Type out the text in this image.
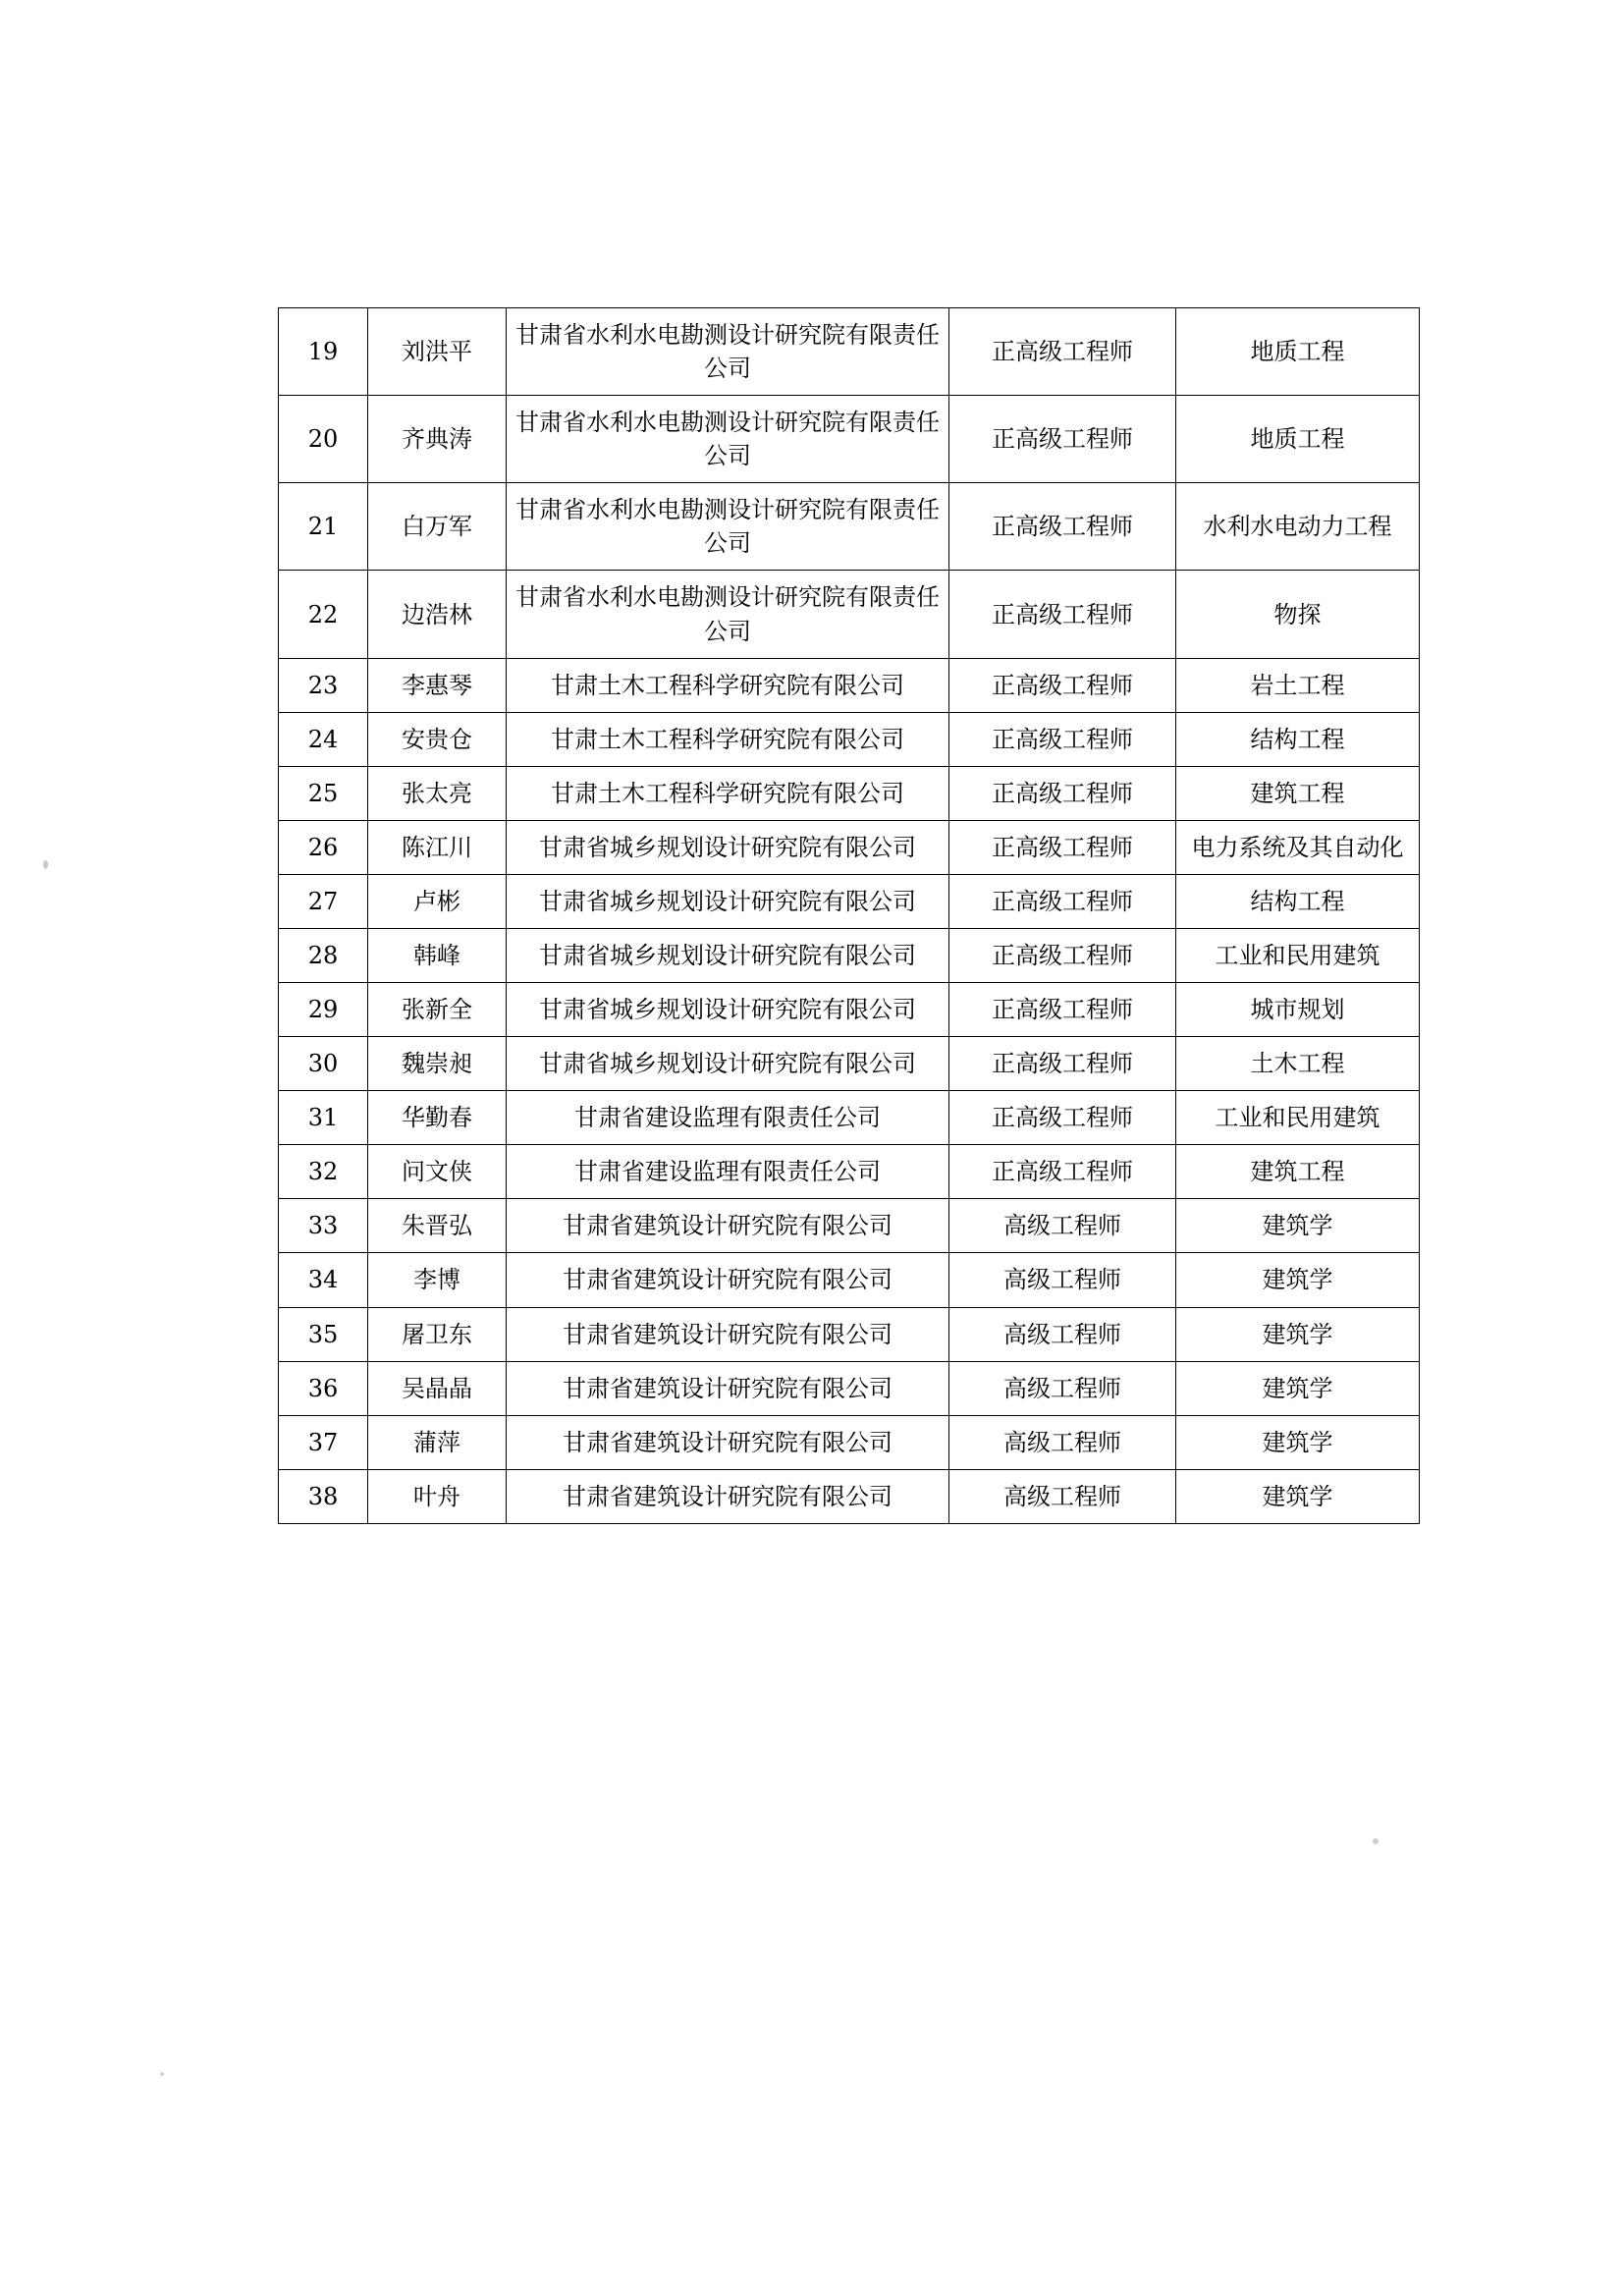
19	刘洪平	甘肃省水利水电勘测设计研究院有限责任公司	正高级工程师	地质工程
20	齐典涛	甘肃省水利水电勘测设计研究院有限责任公司	正高级工程师	地质工程
21	白万军	甘肃省水利水电勘测设计研究院有限责任公司	正高级工程师	水利水电动力工程
22	边浩林	甘肃省水利水电勘测设计研究院有限责任公司	正高级工程师	物探
23	李惠琴	甘肃土木工程科学研究院有限公司	正高级工程师	岩土工程
24	安贵仓	甘肃土木工程科学研究院有限公司	正高级工程师	结构工程
25	张太亮	甘肃土木工程科学研究院有限公司	正高级工程师	建筑工程
26	陈江川	甘肃省城乡规划设计研究院有限公司	正高级工程师	电力系统及其自动化
27	卢彬	甘肃省城乡规划设计研究院有限公司	正高级工程师	结构工程
28	韩峰	甘肃省城乡规划设计研究院有限公司	正高级工程师	工业和民用建筑
29	张新全	甘肃省城乡规划设计研究院有限公司	正高级工程师	城市规划
30	魏崇昶	甘肃省城乡规划设计研究院有限公司	正高级工程师	土木工程
31	华勤春	甘肃省建设监理有限责任公司	正高级工程师	工业和民用建筑
32	问文侠	甘肃省建设监理有限责任公司	正高级工程师	建筑工程
33	朱晋弘	甘肃省建筑设计研究院有限公司	高级工程师	建筑学
34	李博	甘肃省建筑设计研究院有限公司	高级工程师	建筑学
35	屠卫东	甘肃省建筑设计研究院有限公司	高级工程师	建筑学
36	吴晶晶	甘肃省建筑设计研究院有限公司	高级工程师	建筑学
37	蒲萍	甘肃省建筑设计研究院有限公司	高级工程师	建筑学
38	叶舟	甘肃省建筑设计研究院有限公司	高级工程师	建筑学
